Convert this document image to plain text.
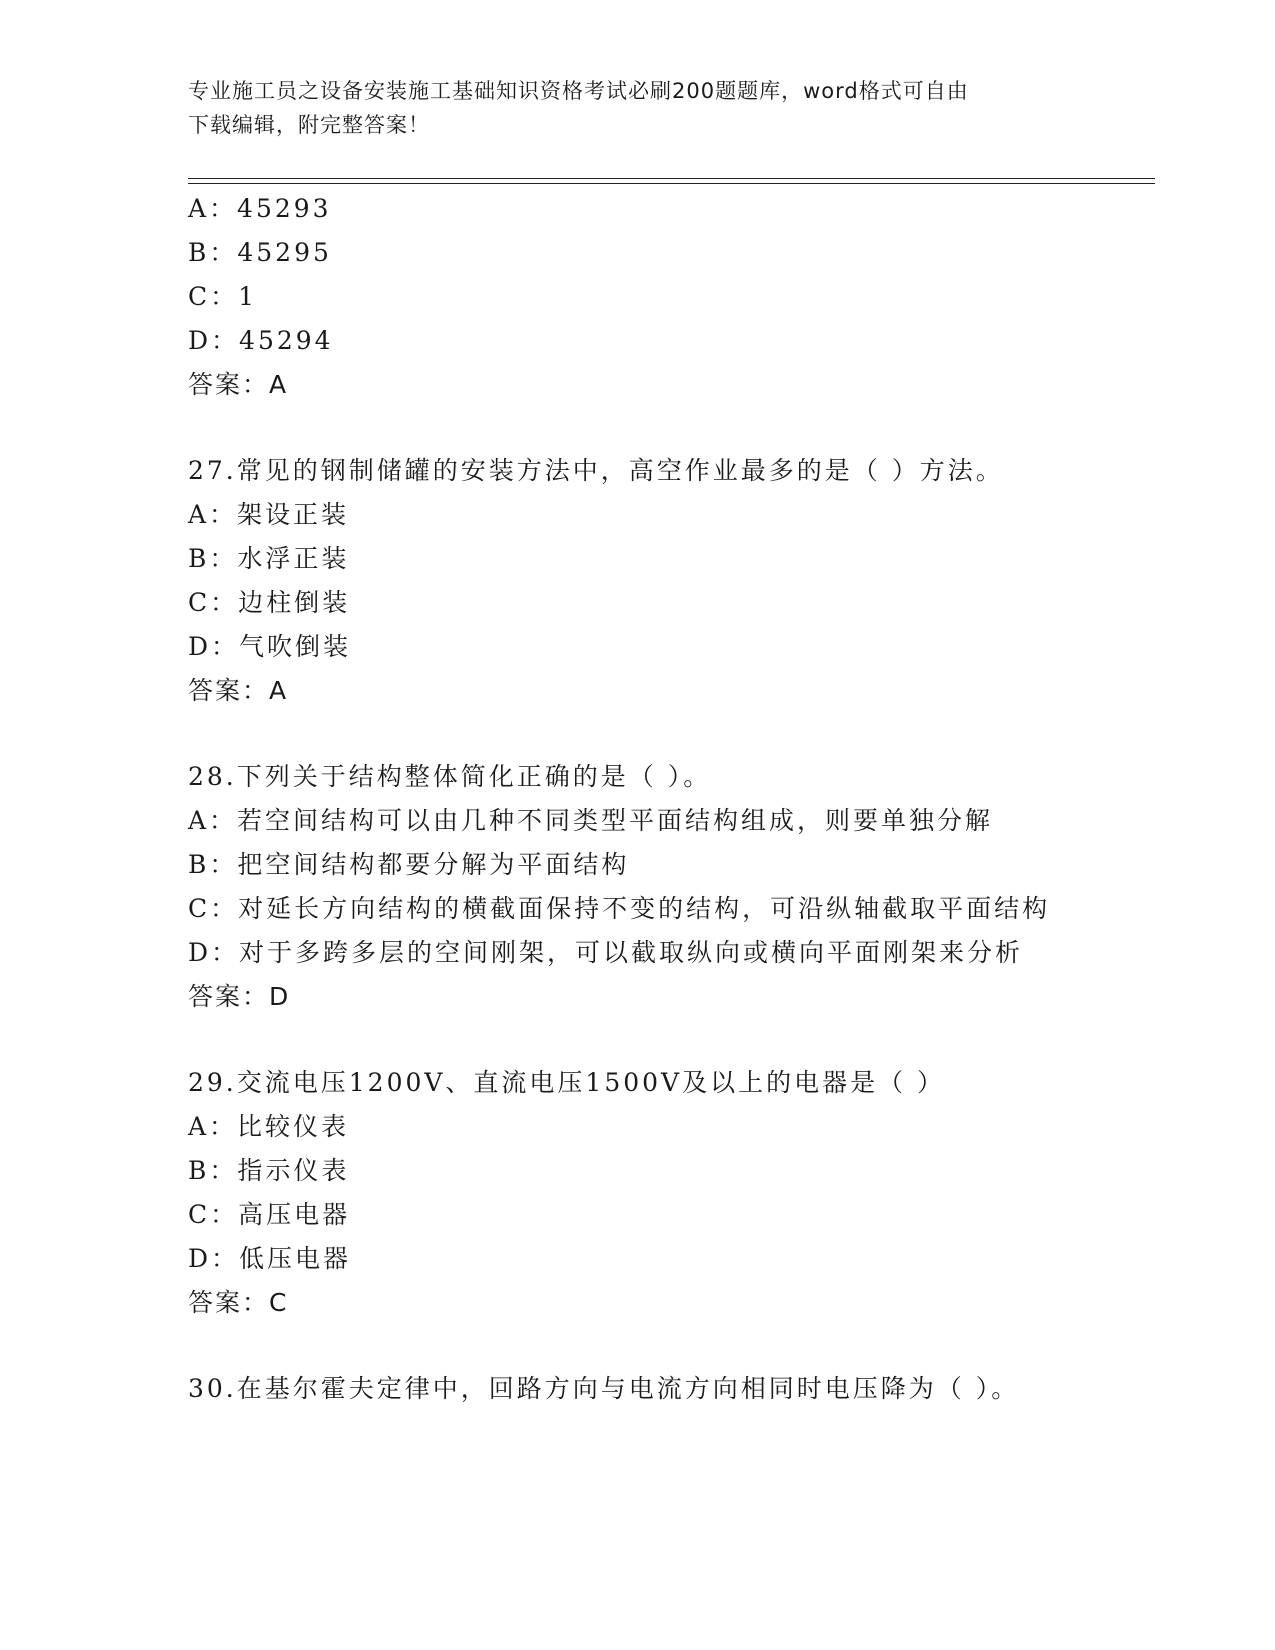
专业施工员之设备安装施工基础知识资格考试必刷200题题库，word格式可自由
下载编辑，附完整答案！
A：45293
B：45295
C：1
D：45294
答案：A
27.常见的钢制储罐的安装方法中，高空作业最多的是（ ）方法。
A：架设正装
B：水浮正装
C：边柱倒装
D：气吹倒装
答案：A
28.下列关于结构整体简化正确的是（ ）。
A：若空间结构可以由几种不同类型平面结构组成，则要单独分解
B：把空间结构都要分解为平面结构
C：对延长方向结构的横截面保持不变的结构，可沿纵轴截取平面结构
D：对于多跨多层的空间刚架，可以截取纵向或横向平面刚架来分析
答案：D
29.交流电压1200V、直流电压1500V及以上的电器是（ ）
A：比较仪表
B：指示仪表
C：高压电器
D：低压电器
答案：C
30.在基尔霍夫定律中，回路方向与电流方向相同时电压降为（ ）。
